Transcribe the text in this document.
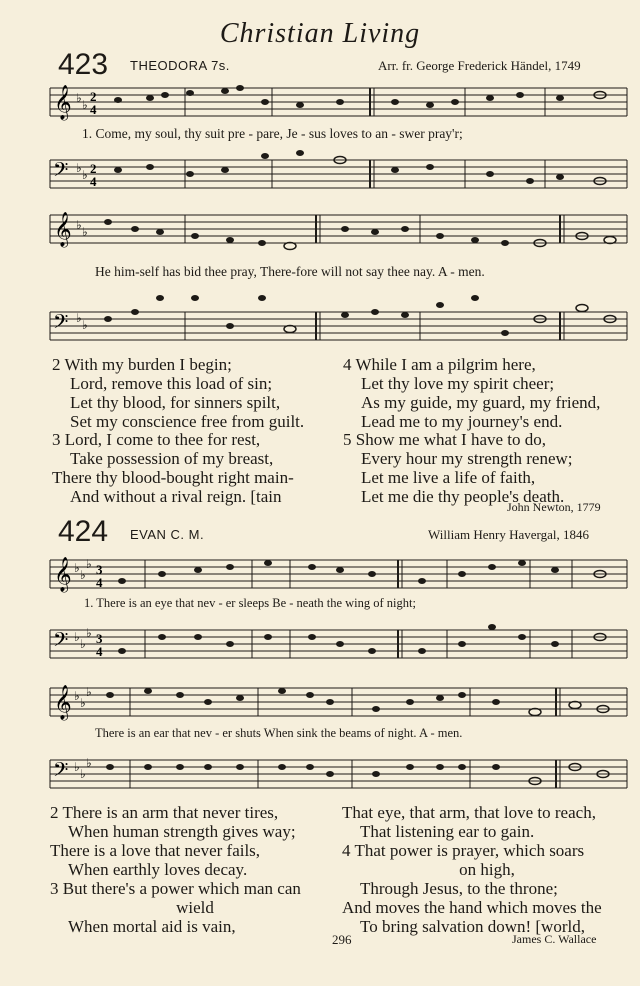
Christian Living
423 THEODORA 7s.	Arr. fr. George Frederick Händel, 1749
𝄞 ♭ ♭
2
4
1. Come, my soul, thy suit pre - pare, Je - sus loves to an - swer pray'r;
𝄢 ♭ ♭ 2
4
𝄞 ♭ ♭
He him-self has bid thee pray, There-fore will not say thee nay. A - men.
𝄢 ♭ ♭
2 With my burden I begin;
Lord, remove this load of sin;
Let thy blood, for sinners spilt,
Set my conscience free from guilt.
3 Lord, I come to thee for rest,
Take possession of my breast,
There thy blood-bought right main-
And without a rival reign. [tain
4 While I am a pilgrim here,
Let thy love my spirit cheer;
As my guide, my guard, my friend,
Lead me to my journey's end.
5 Show me what I have to do,
Every hour my strength renew;
Let me live a life of faith,
Let me die thy people's death.
John Newton, 1779
424 EVAN C. M.	William Henry Havergal, 1846
𝄞 ♭ ♭
♭ 3
4
1. There is an eye that nev - er sleeps Be - neath the wing of night;
𝄢 ♭ ♭
♭ 3
4
𝄞 ♭ ♭
♭
There is an ear that nev - er shuts When sink the beams of night. A - men.
𝄢 ♭ ♭
♭
2 There is an arm that never tires,
When human strength gives way;
There is a love that never fails,
When earthly loves decay.
3 But there's a power which man can
wield
When mortal aid is vain,
That eye, that arm, that love to reach,
That listening ear to gain.
4 That power is prayer, which soars
on high,
Through Jesus, to the throne;
And moves the hand which moves the
To bring salvation down! [world,
296	James C. Wallace
